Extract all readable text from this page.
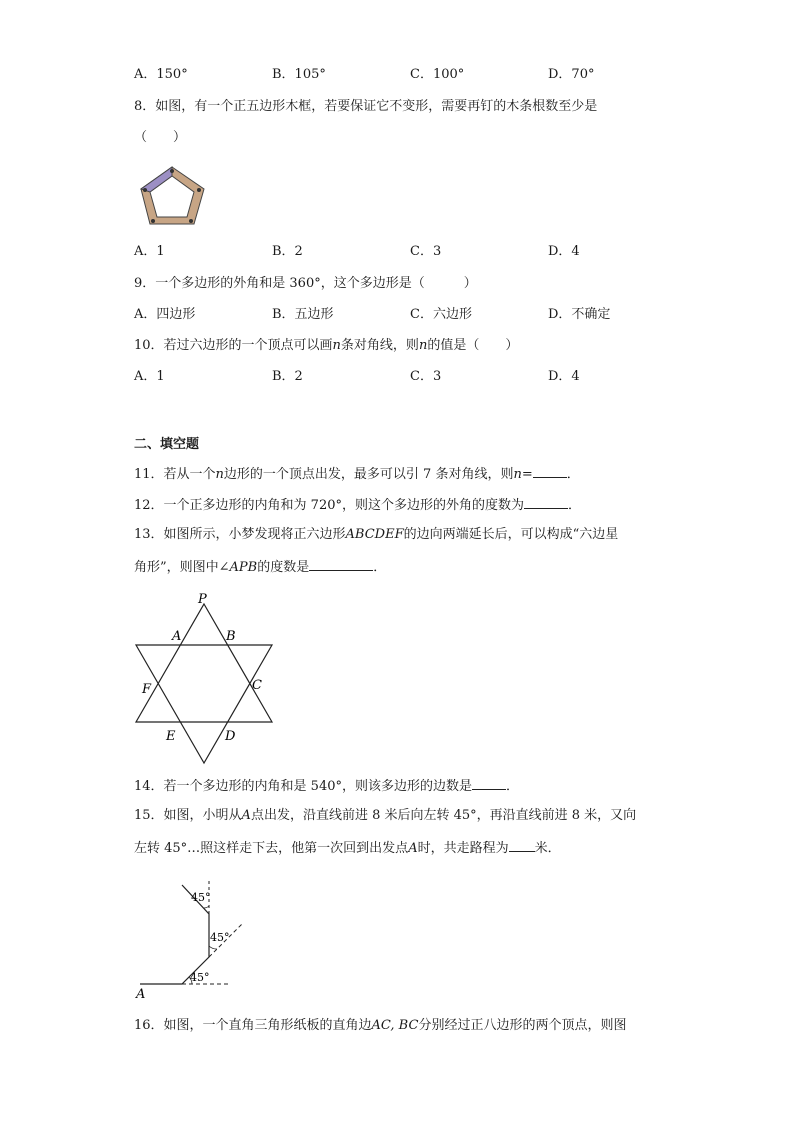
A．150°	B．105°	C．100°	D．70°
8．如图，有一个正五边形木框，若要保证它不变形，需要再钉的木条根数至少是
（　　）
A．1	B．2	C．3	D．4
9．一个多边形的外角和是 360°，这个多边形是（　　　）
A．四边形	B．五边形	C．六边形	D．不确定
10．若过六边形的一个顶点可以画n条对角线，则n的值是（　　）
A．1	B．2	C．3	D．4
二、填空题
11．若从一个n边形的一个顶点出发，最多可以引 7 条对角线，则n=	．
12．一个正多边形的内角和为 720°，则这个多边形的外角的度数为	．
13．如图所示，小梦发现将正六边形ABCDEF的边向两端延长后，可以构成“六边星
角形”，则图中∠APB的度数是	．
P
A	B
C
D
E
F
14．若一个多边形的内角和是 540°，则该多边形的边数是	．
15．如图，小明从A点出发，沿直线前进 8 米后向左转 45°，再沿直线前进 8 米，又向
左转 45°…照这样走下去，他第一次回到出发点A时，共走路程为 米．
45°
45°
45°
A
16．如图，一个直角三角形纸板的直角边AC, BC分别经过正八边形的两个顶点，则图
